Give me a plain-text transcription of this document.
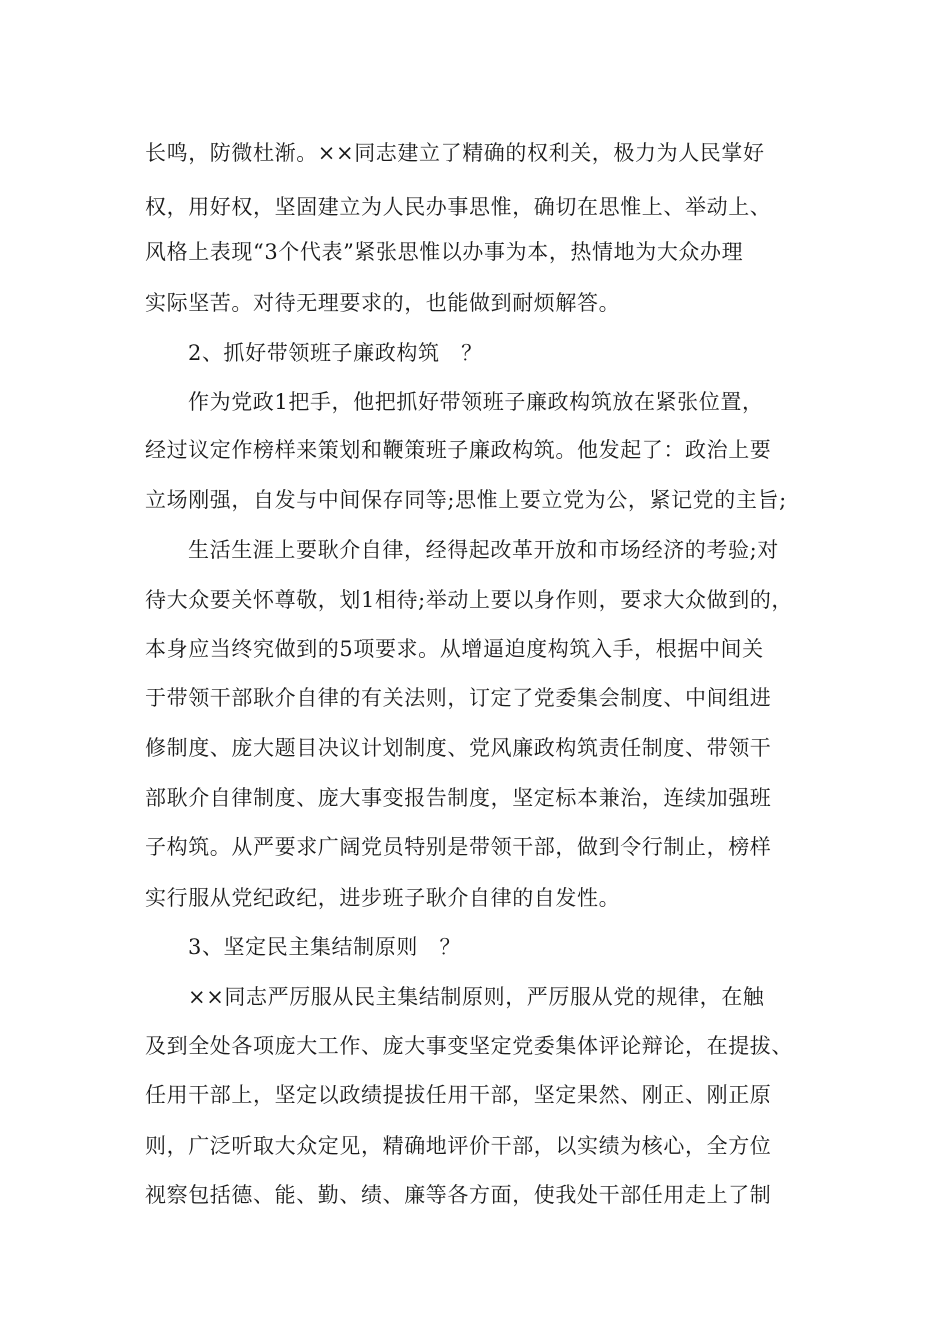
长鸣，防微杜渐。××同志建立了精确的权利关，极力为人民掌好
权，用好权，坚固建立为人民办事思惟，确切在思惟上、举动上、
风格上表现“3个代表”紧张思惟以办事为本，热情地为大众办理
实际坚苦。对待无理要求的，也能做到耐烦解答。
2、抓好带领班子廉政构筑　？
作为党政1把手，他把抓好带领班子廉政构筑放在紧张位置，
经过议定作榜样来策划和鞭策班子廉政构筑。他发起了：政治上要
立场刚强，自发与中间保存同等;思惟上要立党为公，紧记党的主旨;
生活生涯上要耿介自律，经得起改革开放和市场经济的考验;对
待大众要关怀尊敬，划1相待;举动上要以身作则，要求大众做到的，
本身应当终究做到的5项要求。从增逼迫度构筑入手，根据中间关
于带领干部耿介自律的有关法则，订定了党委集会制度、中间组进
修制度、庞大题目决议计划制度、党风廉政构筑责任制度、带领干
部耿介自律制度、庞大事变报告制度，坚定标本兼治，连续加强班
子构筑。从严要求广阔党员特别是带领干部，做到令行制止，榜样
实行服从党纪政纪，进步班子耿介自律的自发性。
3、坚定民主集结制原则　？
××同志严厉服从民主集结制原则，严厉服从党的规律，在触
及到全处各项庞大工作、庞大事变坚定党委集体评论辩论，在提拔、
任用干部上，坚定以政绩提拔任用干部，坚定果然、刚正、刚正原
则，广泛听取大众定见，精确地评价干部，以实绩为核心，全方位
视察包括德、能、勤、绩、廉等各方面，使我处干部任用走上了制
